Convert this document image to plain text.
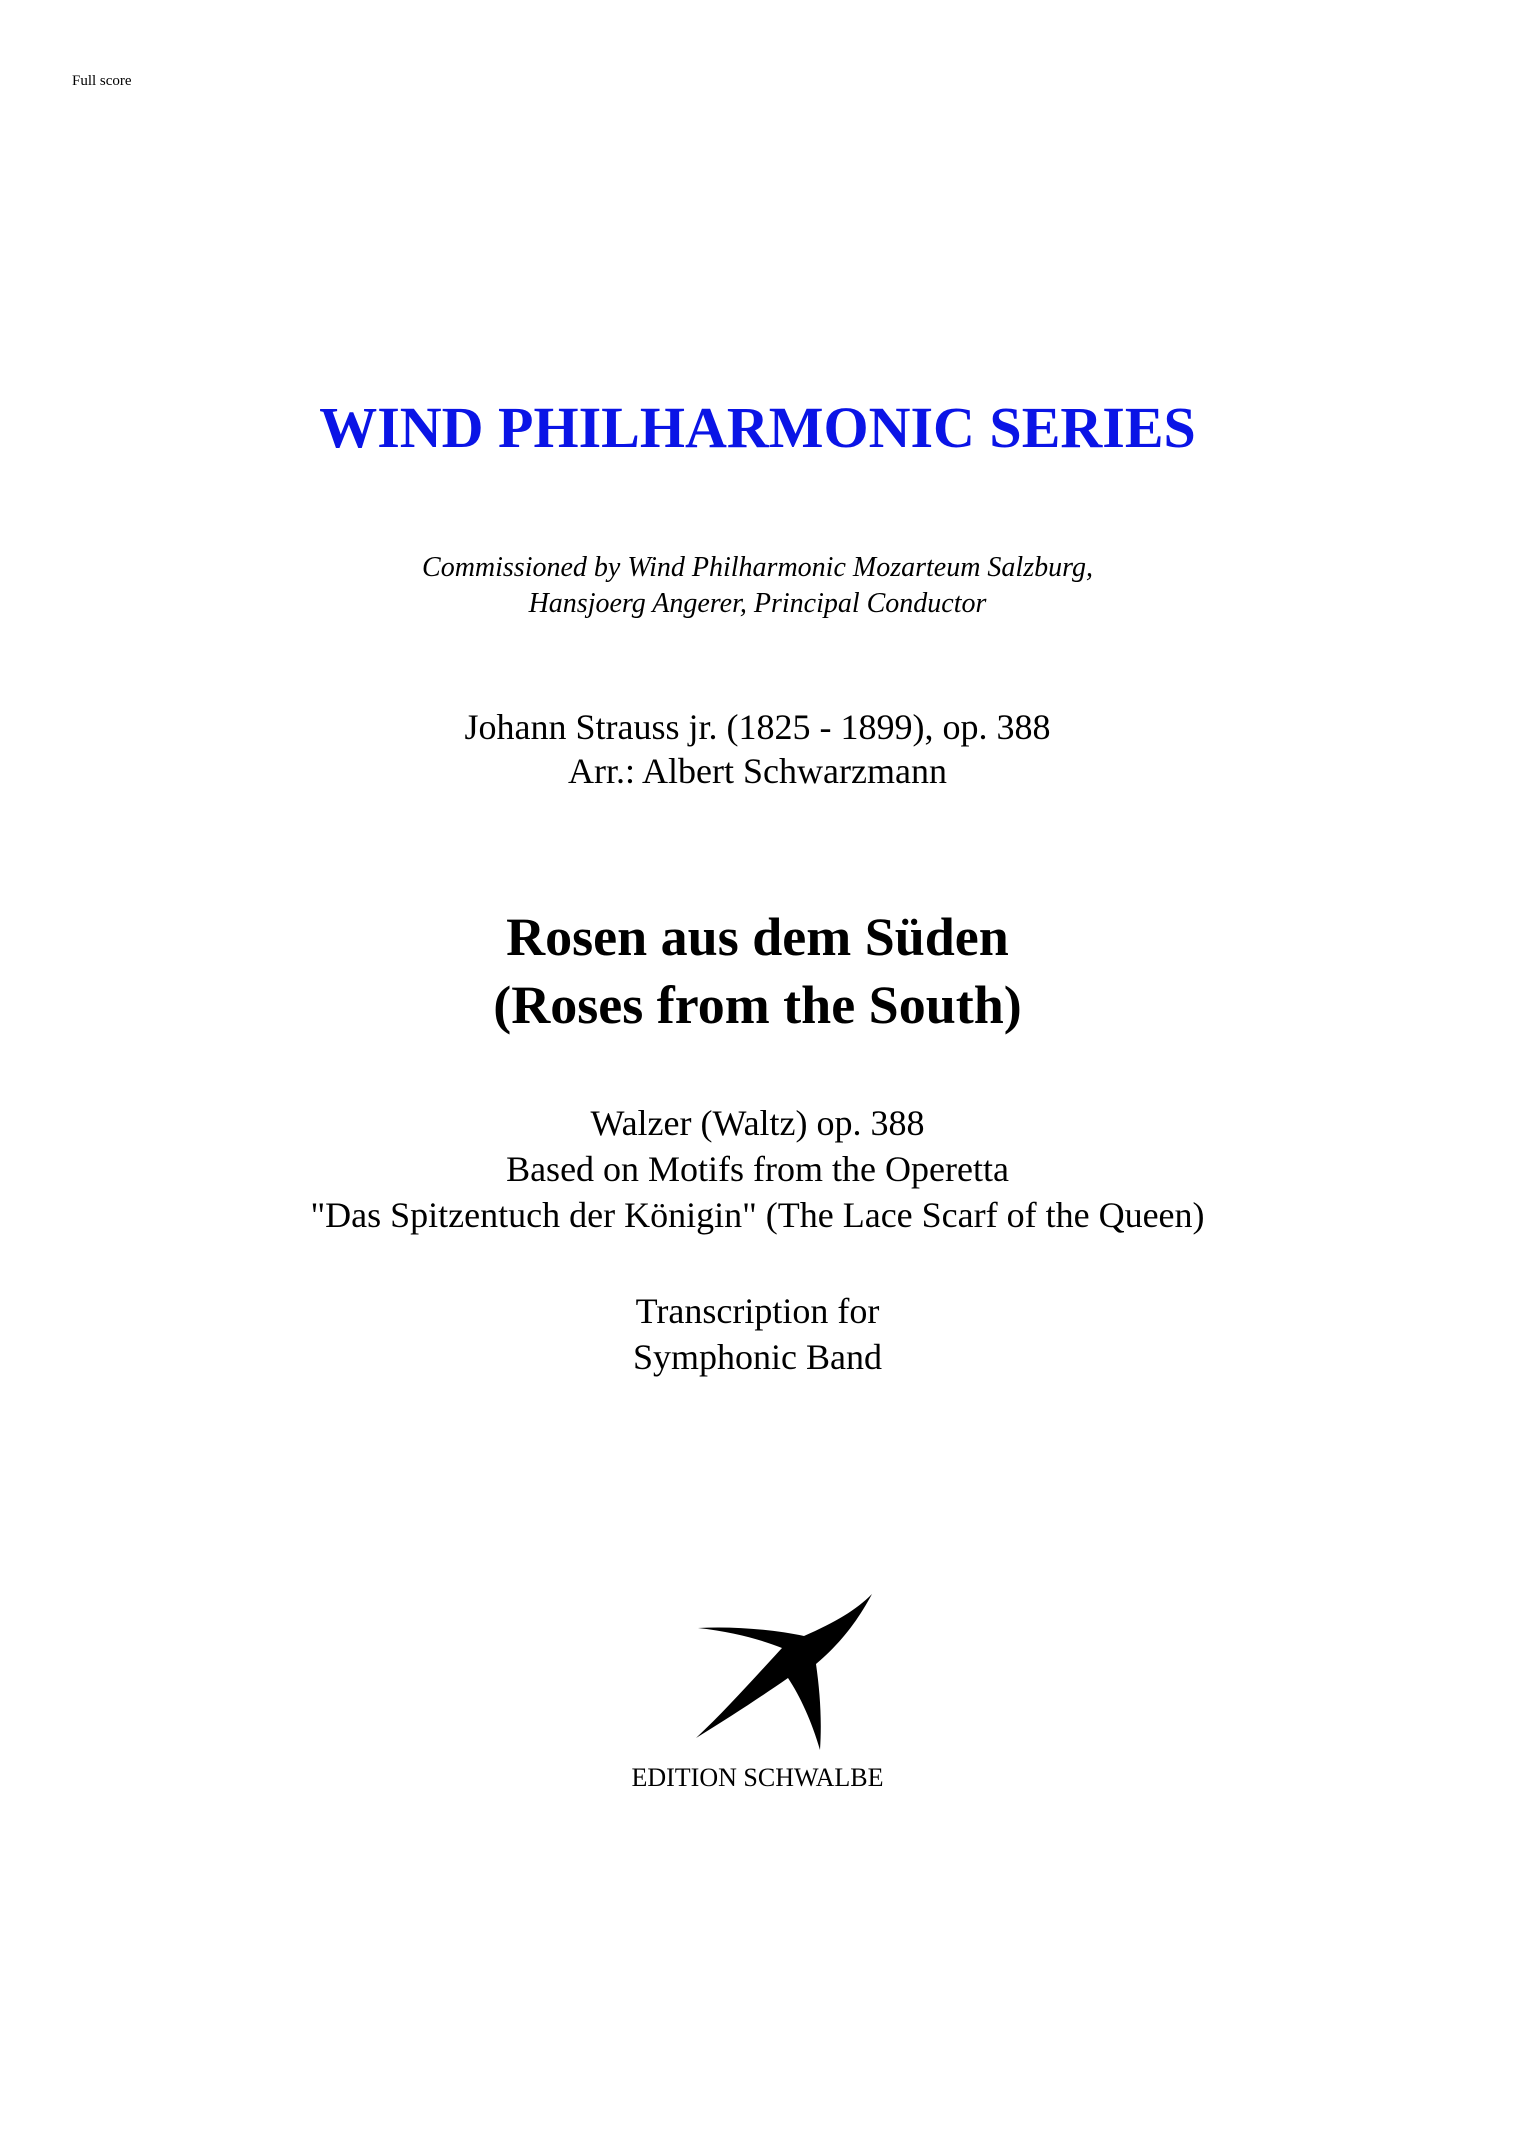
Full score
WIND PHILHARMONIC SERIES
Commissioned by Wind Philharmonic Mozarteum Salzburg,
Hansjoerg Angerer, Principal Conductor
Johann Strauss jr. (1825 - 1899), op. 388
Arr.: Albert Schwarzmann
Rosen aus dem Süden
(Roses from the South)
Walzer (Waltz) op. 388
Based on Motifs from the Operetta
"Das Spitzentuch der Königin" (The Lace Scarf of the Queen)
Transcription for
Symphonic Band
EDITION SCHWALBE
